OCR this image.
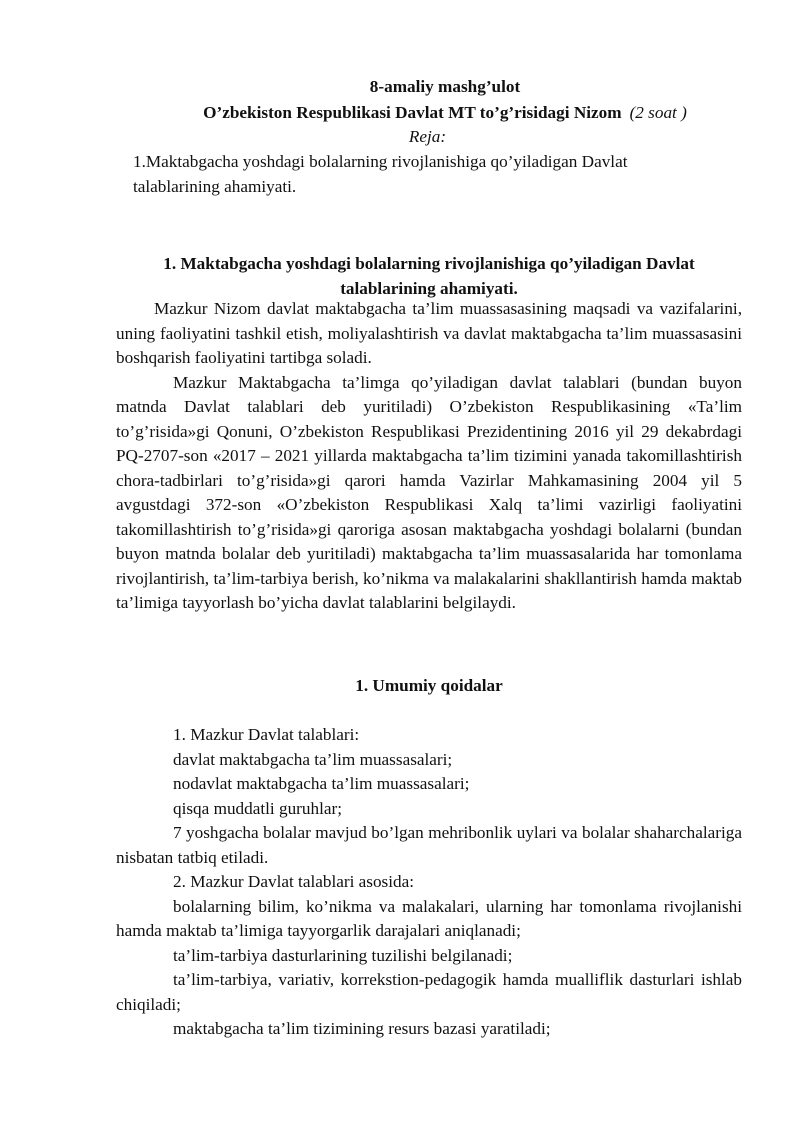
8-amaliy mashg’ulot
O’zbekiston Respublikasi Davlat MT to’g’risidagi Nizom (2 soat )
Reja:
1.Maktabgacha yoshdagi bolalarning rivojlanishiga qo’yiladigan Davlat talablarining ahamiyati.
1. Maktabgacha yoshdagi bolalarning rivojlanishiga qo’yiladigan Davlat talablarining ahamiyati.

Mazkur Nizom davlat maktabgacha ta’lim muassasasining maqsadi va vazifalarini, uning faoliyatini tashkil etish, moliyalashtirish va davlat maktabgacha ta’lim muassasasini boshqarish faoliyatini tartibga soladi.

Mazkur Maktabgacha ta’limga qo’yiladigan davlat talablari (bundan buyon matnda Davlat talablari deb yuritiladi) O’zbekiston Respublikasining «Ta’lim to’g’risida»gi Qonuni, O’zbekiston Respublikasi Prezidentining 2016 yil 29 dekabrdagi PQ-2707-son «2017 – 2021 yillarda maktabgacha ta’lim tizimini yanada takomillashtirish chora-tadbirlari to’g’risida»gi qarori hamda Vazirlar Mahkamasining 2004 yil 5 avgustdagi 372-son «O’zbekiston Respublikasi Xalq ta’limi vazirligi faoliyatini takomillashtirish to’g’risida»gi qaroriga asosan maktabgacha yoshdagi bolalarni (bundan buyon matnda bolalar deb yuritiladi) maktabgacha ta’lim muassasalarida har tomonlama rivojlantirish, ta’lim-tarbiya berish, ko’nikma va malakalarini shakllantirish hamda maktab ta’limiga tayyorlash bo’yicha davlat talablarini belgilaydi.

1. Umumiy qoidalar

1. Mazkur Davlat talablari:

davlat maktabgacha ta’lim muassasalari;

nodavlat maktabgacha ta’lim muassasalari;

qisqa muddatli guruhlar;

7 yoshgacha bolalar mavjud bo’lgan mehribonlik uylari va bolalar shaharchalariga nisbatan tatbiq etiladi.

2. Mazkur Davlat talablari asosida:

bolalarning bilim, ko’nikma va malakalari, ularning har tomonlama rivojlanishi hamda maktab ta’limiga tayyorgarlik darajalari aniqlanadi;

ta’lim-tarbiya dasturlarining tuzilishi belgilanadi;

ta’lim-tarbiya, variativ, korrekstion-pedagogik hamda mualliflik dasturlari ishlab chiqiladi;

maktabgacha ta’lim tizimining resurs bazasi yaratiladi;
